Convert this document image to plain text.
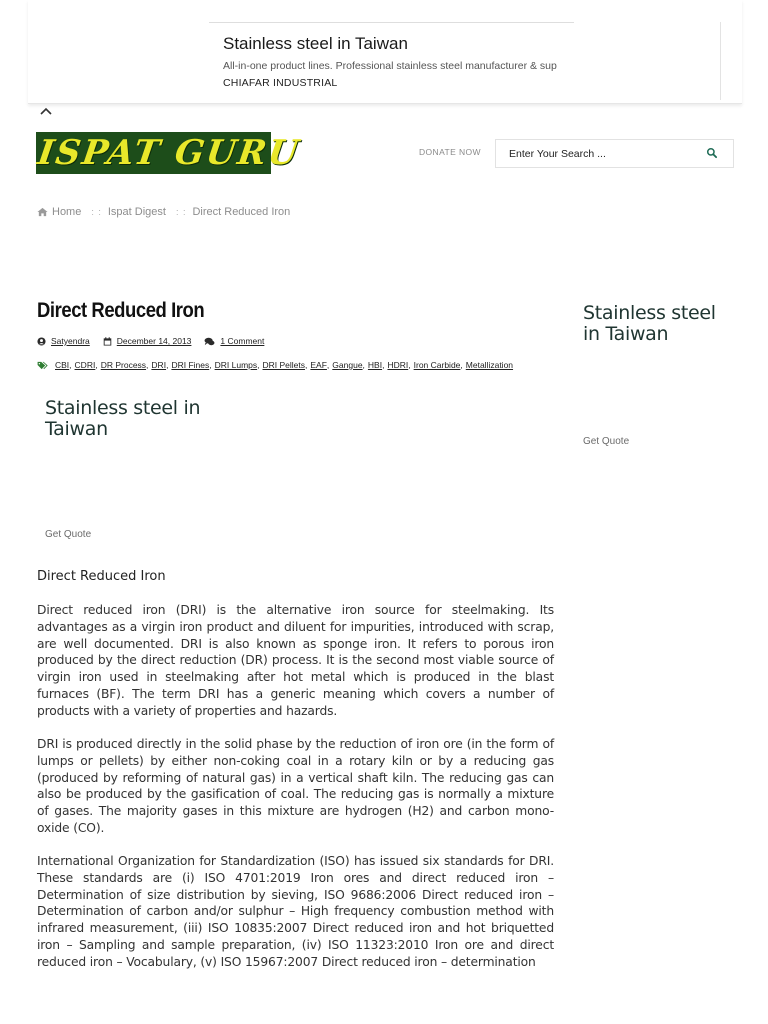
Stainless steel in Taiwan
All-in-one product lines. Professional stainless steel manufacturer & sup
CHIAFAR INDUSTRIAL
ISPAT GURU	DONATE NOW
Enter Your Search ...
Home : : Ispat Digest : : Direct Reduced Iron
Direct Reduced Iron
Satyendra	December 14, 2013	1 Comment
CBI , CDRI , DR Process , DRI , DRI Fines , DRI Lumps , DRI Pellets , EAF , Gangue , HBI , HDRI , Iron Carbide , Metallization
Stainless steel in Taiwan
Get Quote
Stainless steel in Taiwan
Get Quote
Direct Reduced Iron

Direct reduced iron (DRI) is the alternative iron source for steelmaking. Its advantages as a virgin iron product and diluent for impurities, introduced with scrap, are well documented. DRI is also known as sponge iron. It refers to porous iron produced by the direct reduction (DR) process. It is the second most viable source of virgin iron used in steelmaking after hot metal which is produced in the blast furnaces (BF). The term DRI has a generic meaning which covers a number of products with a variety of properties and hazards.

DRI is produced directly in the solid phase by the reduction of iron ore (in the form of lumps or pellets) by either non-coking coal in a rotary kiln or by a reducing gas (produced by reforming of natural gas) in a vertical shaft kiln. The reducing gas can also be produced by the gasification of coal. The reducing gas is normally a mixture of gases. The majority gases in this mixture are hydrogen (H2) and carbon mono-oxide (CO).

International Organization for Standardization (ISO) has issued six standards for DRI. These standards are (i) ISO 4701:2019 Iron ores and direct reduced iron – Determination of size distribution by sieving, ISO 9686:2006 Direct reduced iron – Determination of carbon and/or sulphur – High frequency combustion method with infrared measurement, (iii) ISO 10835:2007 Direct reduced iron and hot briquetted iron – Sampling and sample preparation, (iv) ISO 11323:2010 Iron ore and direct reduced iron – Vocabulary, (v) ISO 15967:2007 Direct reduced iron – determination
